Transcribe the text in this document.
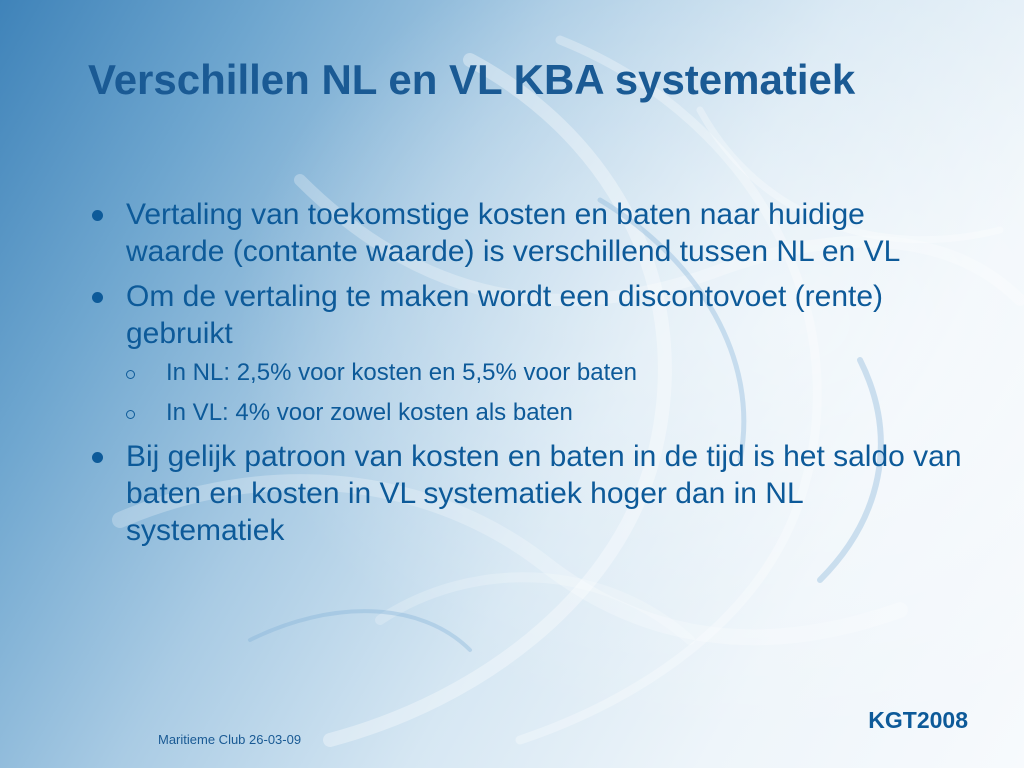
Verschillen NL en VL KBA systematiek
Vertaling van toekomstige kosten en baten naar huidige waarde (contante waarde) is verschillend tussen NL en VL
Om de vertaling te maken wordt een discontovoet (rente) gebruikt
In NL: 2,5% voor kosten en 5,5% voor baten
In VL: 4% voor zowel kosten als baten
Bij gelijk patroon van kosten en baten in de tijd is het saldo van baten en kosten in VL systematiek hoger dan in NL systematiek
Maritieme Club 26-03-09
KGT2008
